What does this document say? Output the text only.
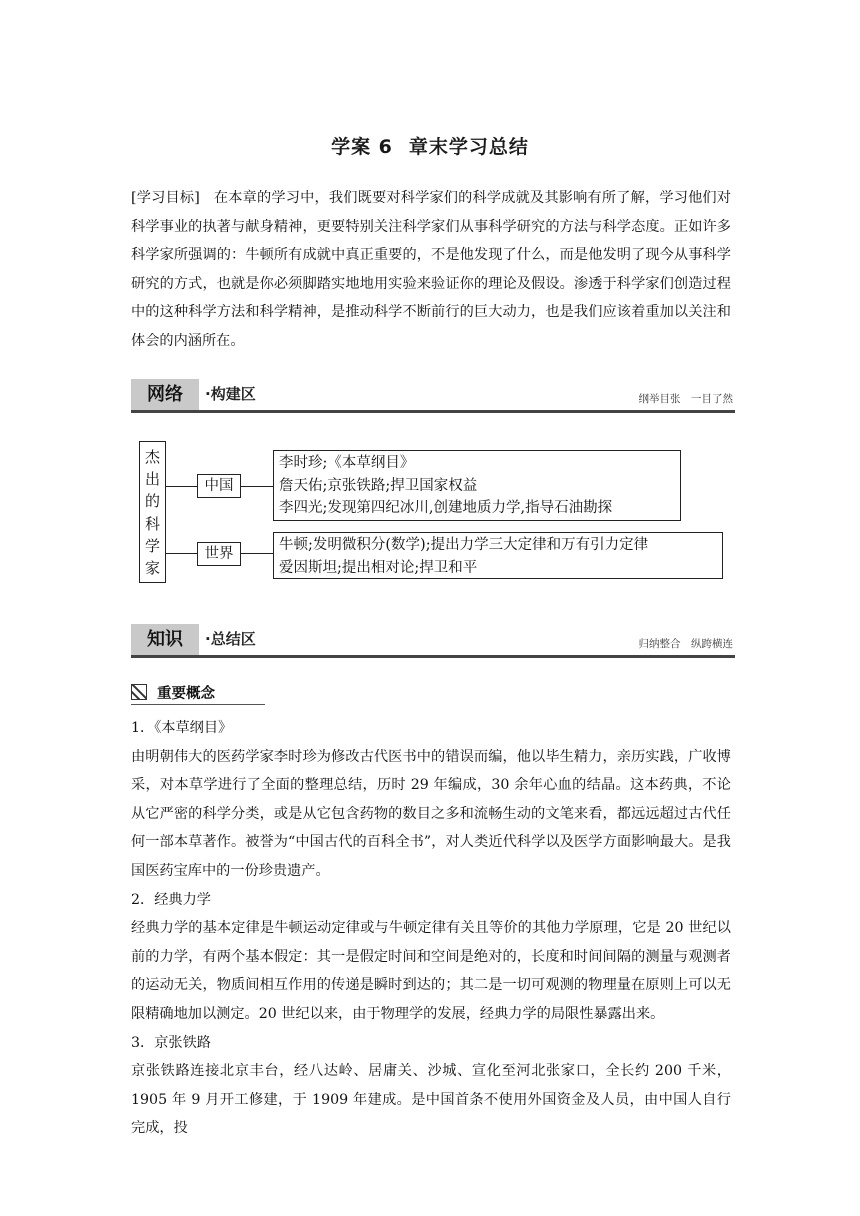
学案 6 章末学习总结
[学习目标] 在本章的学习中，我们既要对科学家们的科学成就及其影响有所了解，学习他们对科学事业的执著与献身精神，更要特别关注科学家们从事科学研究的方法与科学态度。正如许多科学家所强调的：牛顿所有成就中真正重要的，不是他发现了什么，而是他发明了现今从事科学研究的方式，也就是你必须脚踏实地地用实验来验证你的理论及假设。渗透于科学家们创造过程中的这种科学方法和科学精神，是推动科学不断前行的巨大动力，也是我们应该着重加以关注和体会的内涵所在。
网络	·构建区	纲举目张　一目了然
杰
出
的
科
学
家
中国
李时珍;《本草纲目》
詹天佑;京张铁路;捍卫国家权益
李四光;发现第四纪冰川,创建地质力学,指导石油勘探
世界
牛顿;发明微积分(数学);提出力学三大定律和万有引力定律
爱因斯坦;提出相对论;捍卫和平
知识	·总结区	归纳整合　纵跨横连
重要概念

1．《本草纲目》

由明朝伟大的医药学家李时珍为修改古代医书中的错误而编，他以毕生精力，亲历实践，广收博采，对本草学进行了全面的整理总结，历时 29 年编成，30 余年心血的结晶。这本药典，不论从它严密的科学分类，或是从它包含药物的数目之多和流畅生动的文笔来看，都远远超过古代任何一部本草著作。被誉为“中国古代的百科全书”，对人类近代科学以及医学方面影响最大。是我国医药宝库中的一份珍贵遗产。

2．经典力学

经典力学的基本定律是牛顿运动定律或与牛顿定律有关且等价的其他力学原理，它是 20 世纪以前的力学，有两个基本假定：其一是假定时间和空间是绝对的，长度和时间间隔的测量与观测者的运动无关，物质间相互作用的传递是瞬时到达的；其二是一切可观测的物理量在原则上可以无限精确地加以测定。20 世纪以来，由于物理学的发展，经典力学的局限性暴露出来。

3．京张铁路

京张铁路连接北京丰台，经八达岭、居庸关、沙城、宣化至河北张家口，全长约 200 千米，1905 年 9 月开工修建，于 1909 年建成。是中国首条不使用外国资金及人员，由中国人自行完成，投
